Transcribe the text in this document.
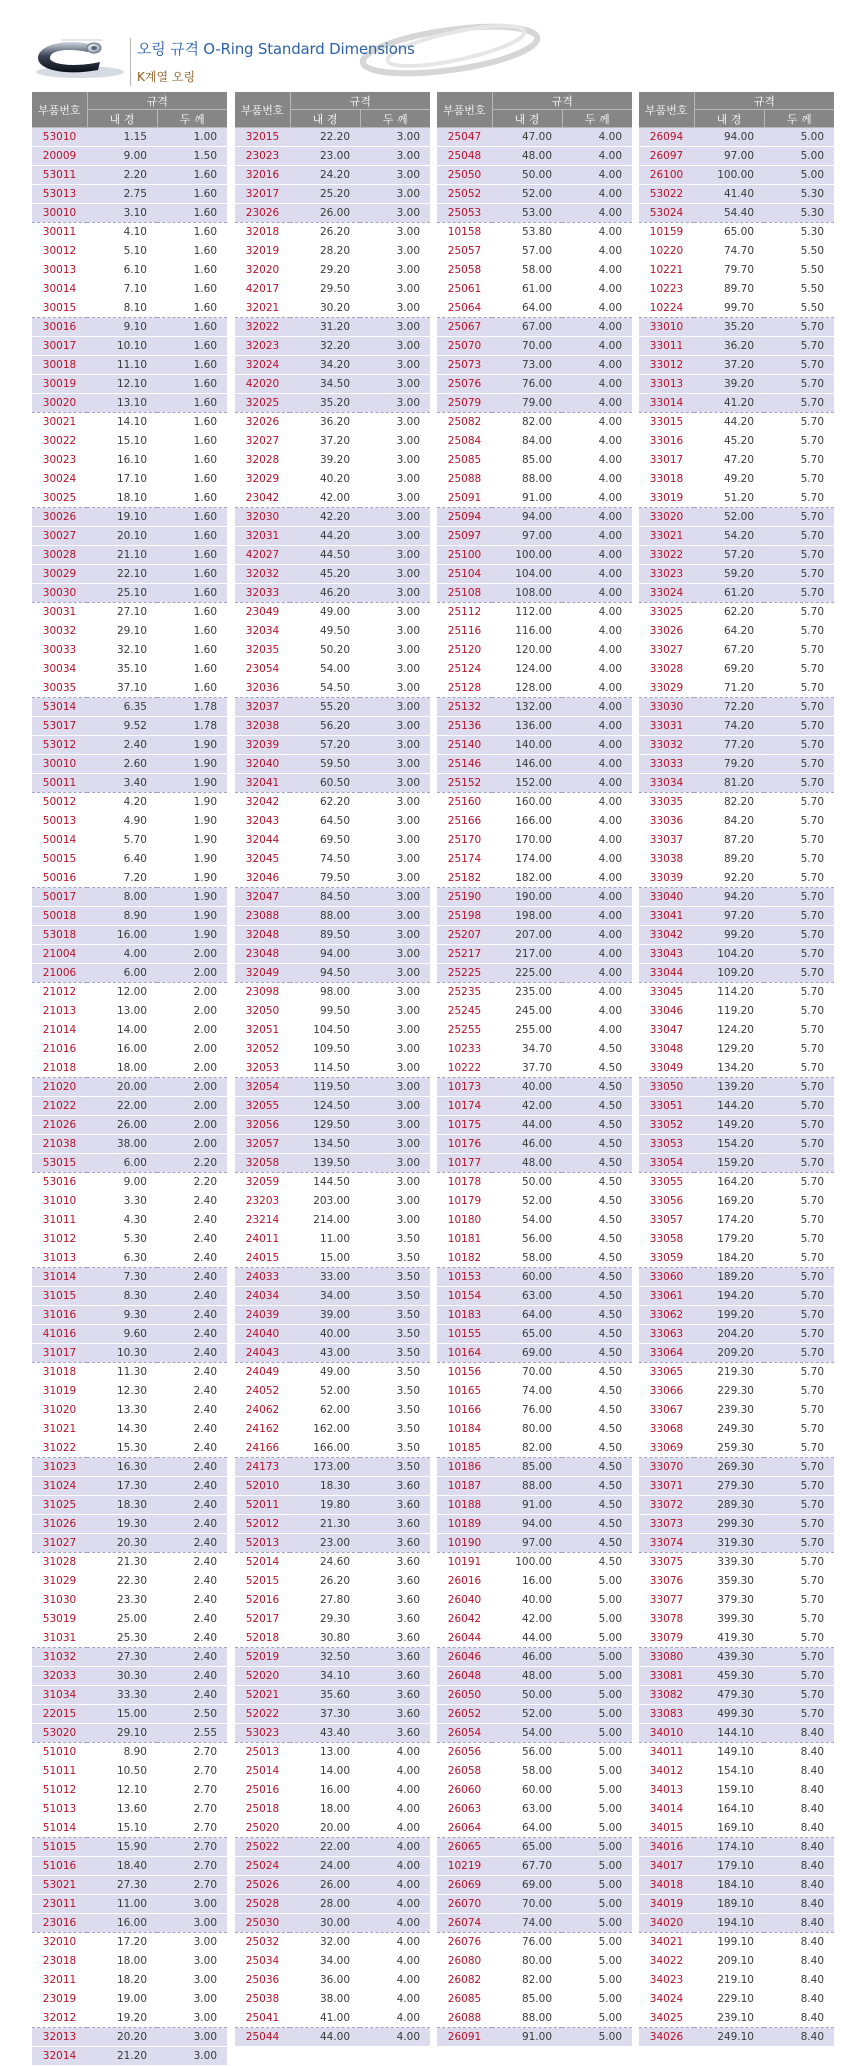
오링 규격 O-Ring Standard Dimensions
K계열 오링
부품번호	규격	
	내 경	두 께
53010	1.15	1.00
20009	9.00	1.50
53011	2.20	1.60
53013	2.75	1.60
30010	3.10	1.60
30011	4.10	1.60
30012	5.10	1.60
30013	6.10	1.60
30014	7.10	1.60
30015	8.10	1.60
30016	9.10	1.60
30017	10.10	1.60
30018	11.10	1.60
30019	12.10	1.60
30020	13.10	1.60
30021	14.10	1.60
30022	15.10	1.60
30023	16.10	1.60
30024	17.10	1.60
30025	18.10	1.60
30026	19.10	1.60
30027	20.10	1.60
30028	21.10	1.60
30029	22.10	1.60
30030	25.10	1.60
30031	27.10	1.60
30032	29.10	1.60
30033	32.10	1.60
30034	35.10	1.60
30035	37.10	1.60
53014	6.35	1.78
53017	9.52	1.78
53012	2.40	1.90
30010	2.60	1.90
50011	3.40	1.90
50012	4.20	1.90
50013	4.90	1.90
50014	5.70	1.90
50015	6.40	1.90
50016	7.20	1.90
50017	8.00	1.90
50018	8.90	1.90
53018	16.00	1.90
21004	4.00	2.00
21006	6.00	2.00
21012	12.00	2.00
21013	13.00	2.00
21014	14.00	2.00
21016	16.00	2.00
21018	18.00	2.00
21020	20.00	2.00
21022	22.00	2.00
21026	26.00	2.00
21038	38.00	2.00
53015	6.00	2.20
53016	9.00	2.20
31010	3.30	2.40
31011	4.30	2.40
31012	5.30	2.40
31013	6.30	2.40
31014	7.30	2.40
31015	8.30	2.40
31016	9.30	2.40
41016	9.60	2.40
31017	10.30	2.40
31018	11.30	2.40
31019	12.30	2.40
31020	13.30	2.40
31021	14.30	2.40
31022	15.30	2.40
31023	16.30	2.40
31024	17.30	2.40
31025	18.30	2.40
31026	19.30	2.40
31027	20.30	2.40
31028	21.30	2.40
31029	22.30	2.40
31030	23.30	2.40
53019	25.00	2.40
31031	25.30	2.40
31032	27.30	2.40
32033	30.30	2.40
31034	33.30	2.40
22015	15.00	2.50
53020	29.10	2.55
51010	8.90	2.70
51011	10.50	2.70
51012	12.10	2.70
51013	13.60	2.70
51014	15.10	2.70
51015	15.90	2.70
51016	18.40	2.70
53021	27.30	2.70
23011	11.00	3.00
23016	16.00	3.00
32010	17.20	3.00
23018	18.00	3.00
32011	18.20	3.00
23019	19.00	3.00
32012	19.20	3.00
32013	20.20	3.00
32014	21.20	3.00
부품번호	규격	
	내 경	두 께
32015	22.20	3.00
23023	23.00	3.00
32016	24.20	3.00
32017	25.20	3.00
23026	26.00	3.00
32018	26.20	3.00
32019	28.20	3.00
32020	29.20	3.00
42017	29.50	3.00
32021	30.20	3.00
32022	31.20	3.00
32023	32.20	3.00
32024	34.20	3.00
42020	34.50	3.00
32025	35.20	3.00
32026	36.20	3.00
32027	37.20	3.00
32028	39.20	3.00
32029	40.20	3.00
23042	42.00	3.00
32030	42.20	3.00
32031	44.20	3.00
42027	44.50	3.00
32032	45.20	3.00
32033	46.20	3.00
23049	49.00	3.00
32034	49.50	3.00
32035	50.20	3.00
23054	54.00	3.00
32036	54.50	3.00
32037	55.20	3.00
32038	56.20	3.00
32039	57.20	3.00
32040	59.50	3.00
32041	60.50	3.00
32042	62.20	3.00
32043	64.50	3.00
32044	69.50	3.00
32045	74.50	3.00
32046	79.50	3.00
32047	84.50	3.00
23088	88.00	3.00
32048	89.50	3.00
23048	94.00	3.00
32049	94.50	3.00
23098	98.00	3.00
32050	99.50	3.00
32051	104.50	3.00
32052	109.50	3.00
32053	114.50	3.00
32054	119.50	3.00
32055	124.50	3.00
32056	129.50	3.00
32057	134.50	3.00
32058	139.50	3.00
32059	144.50	3.00
23203	203.00	3.00
23214	214.00	3.00
24011	11.00	3.50
24015	15.00	3.50
24033	33.00	3.50
24034	34.00	3.50
24039	39.00	3.50
24040	40.00	3.50
24043	43.00	3.50
24049	49.00	3.50
24052	52.00	3.50
24062	62.00	3.50
24162	162.00	3.50
24166	166.00	3.50
24173	173.00	3.50
52010	18.30	3.60
52011	19.80	3.60
52012	21.30	3.60
52013	23.00	3.60
52014	24.60	3.60
52015	26.20	3.60
52016	27.80	3.60
52017	29.30	3.60
52018	30.80	3.60
52019	32.50	3.60
52020	34.10	3.60
52021	35.60	3.60
52022	37.30	3.60
53023	43.40	3.60
25013	13.00	4.00
25014	14.00	4.00
25016	16.00	4.00
25018	18.00	4.00
25020	20.00	4.00
25022	22.00	4.00
25024	24.00	4.00
25026	26.00	4.00
25028	28.00	4.00
25030	30.00	4.00
25032	32.00	4.00
25034	34.00	4.00
25036	36.00	4.00
25038	38.00	4.00
25041	41.00	4.00
25044	44.00	4.00
부품번호	규격	
	내 경	두 께
25047	47.00	4.00
25048	48.00	4.00
25050	50.00	4.00
25052	52.00	4.00
25053	53.00	4.00
10158	53.80	4.00
25057	57.00	4.00
25058	58.00	4.00
25061	61.00	4.00
25064	64.00	4.00
25067	67.00	4.00
25070	70.00	4.00
25073	73.00	4.00
25076	76.00	4.00
25079	79.00	4.00
25082	82.00	4.00
25084	84.00	4.00
25085	85.00	4.00
25088	88.00	4.00
25091	91.00	4.00
25094	94.00	4.00
25097	97.00	4.00
25100	100.00	4.00
25104	104.00	4.00
25108	108.00	4.00
25112	112.00	4.00
25116	116.00	4.00
25120	120.00	4.00
25124	124.00	4.00
25128	128.00	4.00
25132	132.00	4.00
25136	136.00	4.00
25140	140.00	4.00
25146	146.00	4.00
25152	152.00	4.00
25160	160.00	4.00
25166	166.00	4.00
25170	170.00	4.00
25174	174.00	4.00
25182	182.00	4.00
25190	190.00	4.00
25198	198.00	4.00
25207	207.00	4.00
25217	217.00	4.00
25225	225.00	4.00
25235	235.00	4.00
25245	245.00	4.00
25255	255.00	4.00
10233	34.70	4.50
10222	37.70	4.50
10173	40.00	4.50
10174	42.00	4.50
10175	44.00	4.50
10176	46.00	4.50
10177	48.00	4.50
10178	50.00	4.50
10179	52.00	4.50
10180	54.00	4.50
10181	56.00	4.50
10182	58.00	4.50
10153	60.00	4.50
10154	63.00	4.50
10183	64.00	4.50
10155	65.00	4.50
10164	69.00	4.50
10156	70.00	4.50
10165	74.00	4.50
10166	76.00	4.50
10184	80.00	4.50
10185	82.00	4.50
10186	85.00	4.50
10187	88.00	4.50
10188	91.00	4.50
10189	94.00	4.50
10190	97.00	4.50
10191	100.00	4.50
26016	16.00	5.00
26040	40.00	5.00
26042	42.00	5.00
26044	44.00	5.00
26046	46.00	5.00
26048	48.00	5.00
26050	50.00	5.00
26052	52.00	5.00
26054	54.00	5.00
26056	56.00	5.00
26058	58.00	5.00
26060	60.00	5.00
26063	63.00	5.00
26064	64.00	5.00
26065	65.00	5.00
10219	67.70	5.00
26069	69.00	5.00
26070	70.00	5.00
26074	74.00	5.00
26076	76.00	5.00
26080	80.00	5.00
26082	82.00	5.00
26085	85.00	5.00
26088	88.00	5.00
26091	91.00	5.00
부품번호	규격	
	내 경	두 께
26094	94.00	5.00
26097	97.00	5.00
26100	100.00	5.00
53022	41.40	5.30
53024	54.40	5.30
10159	65.00	5.30
10220	74.70	5.50
10221	79.70	5.50
10223	89.70	5.50
10224	99.70	5.50
33010	35.20	5.70
33011	36.20	5.70
33012	37.20	5.70
33013	39.20	5.70
33014	41.20	5.70
33015	44.20	5.70
33016	45.20	5.70
33017	47.20	5.70
33018	49.20	5.70
33019	51.20	5.70
33020	52.00	5.70
33021	54.20	5.70
33022	57.20	5.70
33023	59.20	5.70
33024	61.20	5.70
33025	62.20	5.70
33026	64.20	5.70
33027	67.20	5.70
33028	69.20	5.70
33029	71.20	5.70
33030	72.20	5.70
33031	74.20	5.70
33032	77.20	5.70
33033	79.20	5.70
33034	81.20	5.70
33035	82.20	5.70
33036	84.20	5.70
33037	87.20	5.70
33038	89.20	5.70
33039	92.20	5.70
33040	94.20	5.70
33041	97.20	5.70
33042	99.20	5.70
33043	104.20	5.70
33044	109.20	5.70
33045	114.20	5.70
33046	119.20	5.70
33047	124.20	5.70
33048	129.20	5.70
33049	134.20	5.70
33050	139.20	5.70
33051	144.20	5.70
33052	149.20	5.70
33053	154.20	5.70
33054	159.20	5.70
33055	164.20	5.70
33056	169.20	5.70
33057	174.20	5.70
33058	179.20	5.70
33059	184.20	5.70
33060	189.20	5.70
33061	194.20	5.70
33062	199.20	5.70
33063	204.20	5.70
33064	209.20	5.70
33065	219.30	5.70
33066	229.30	5.70
33067	239.30	5.70
33068	249.30	5.70
33069	259.30	5.70
33070	269.30	5.70
33071	279.30	5.70
33072	289.30	5.70
33073	299.30	5.70
33074	319.30	5.70
33075	339.30	5.70
33076	359.30	5.70
33077	379.30	5.70
33078	399.30	5.70
33079	419.30	5.70
33080	439.30	5.70
33081	459.30	5.70
33082	479.30	5.70
33083	499.30	5.70
34010	144.10	8.40
34011	149.10	8.40
34012	154.10	8.40
34013	159.10	8.40
34014	164.10	8.40
34015	169.10	8.40
34016	174.10	8.40
34017	179.10	8.40
34018	184.10	8.40
34019	189.10	8.40
34020	194.10	8.40
34021	199.10	8.40
34022	209.10	8.40
34023	219.10	8.40
34024	229.10	8.40
34025	239.10	8.40
34026	249.10	8.40
